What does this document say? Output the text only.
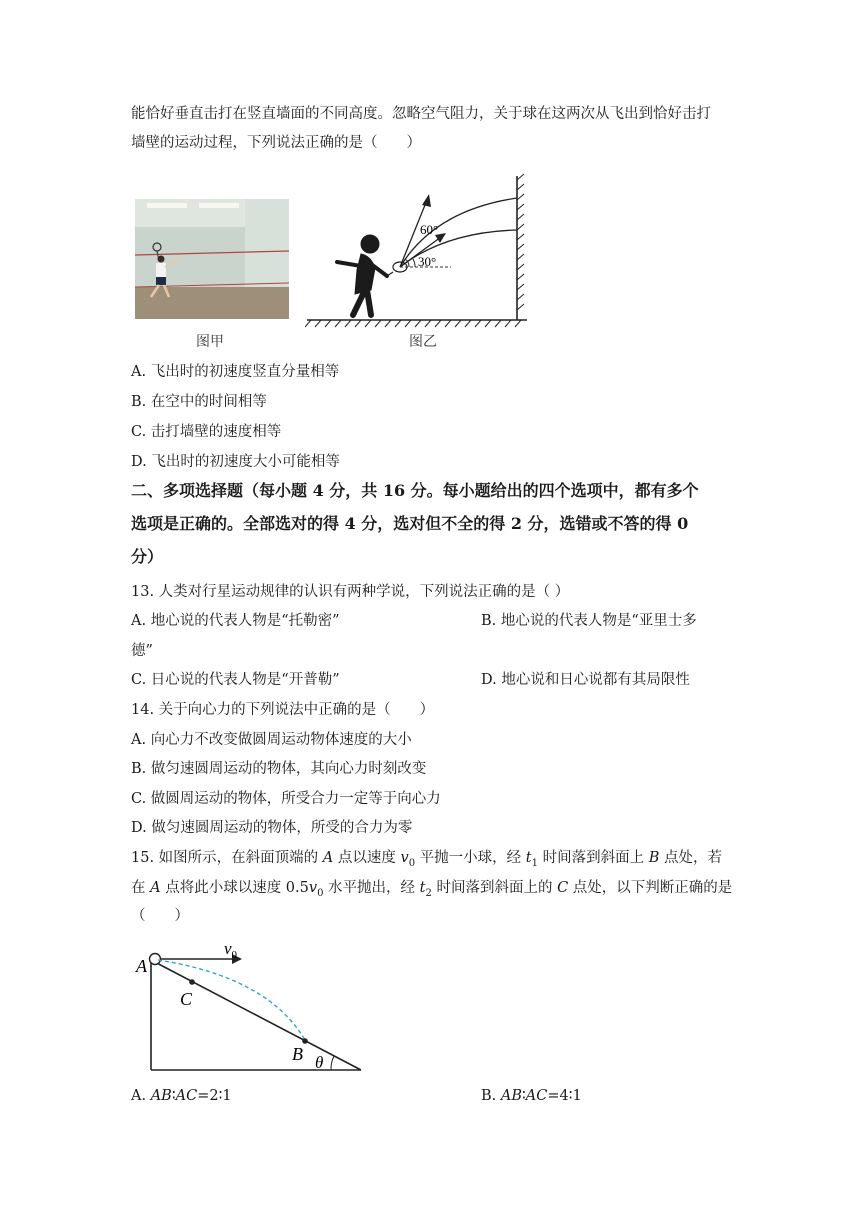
能恰好垂直击打在竖直墙面的不同高度。忽略空气阻力，关于球在这两次从飞出到恰好击打
墙壁的运动过程，下列说法正确的是（　　）
图甲
60°
30°
图乙
A. 飞出时的初速度竖直分量相等
B. 在空中的时间相等
C. 击打墙壁的速度相等
D. 飞出时的初速度大小可能相等
二、多项选择题（每小题 4 分，共 16 分。每小题给出的四个选项中，都有多个
选项是正确的。全部选对的得 4 分，选对但不全的得 2 分，选错或不答的得 0
分）
13. 人类对行星运动规律的认识有两种学说，下列说法正确的是（ ）
A. 地心说的代表人物是“托勒密”	B. 地心说的代表人物是“亚里士多
德”
C. 日心说的代表人物是“开普勒”	D. 地心说和日心说都有其局限性
14. 关于向心力的下列说法中正确的是（　　）
A. 向心力不改变做圆周运动物体速度的大小
B. 做匀速圆周运动的物体，其向心力时刻改变
C. 做圆周运动的物体，所受合力一定等于向心力
D. 做匀速圆周运动的物体，所受的合力为零
15. 如图所示，在斜面顶端的 A 点以速度 $v_0$ 平抛一小球，经 $t_1$ 时间落到斜面上 B 点处，若
在 A 点将此小球以速度 $0.5v_0$ 水平抛出，经 $t_2$ 时间落到斜面上的 C 点处，以下判断正确的是
（　　）
$v_0$
A
C
B θ
A. AB∶AC=2∶1	B. AB∶AC=4∶1
